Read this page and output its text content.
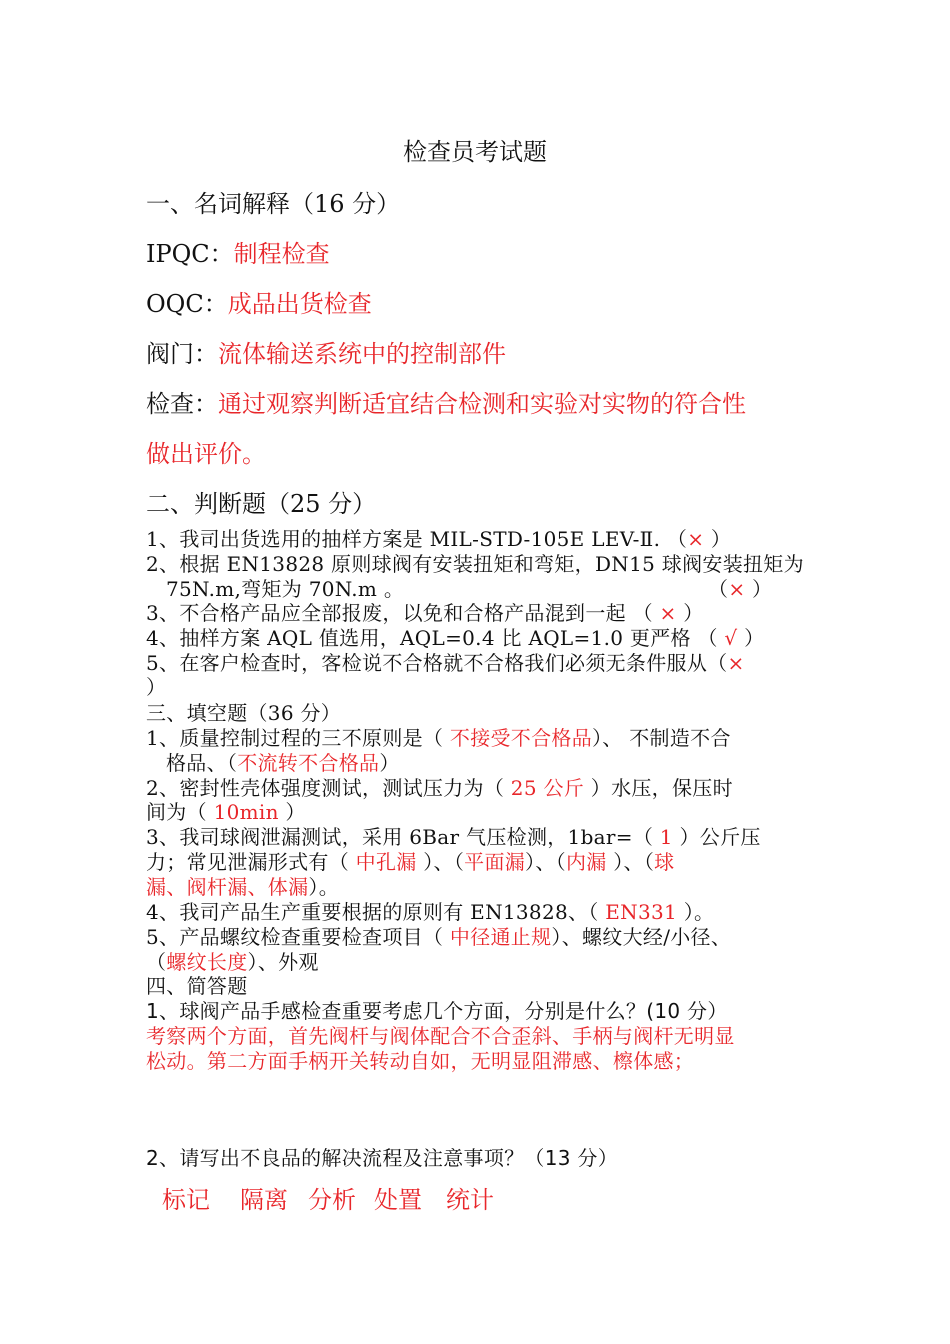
检查员考试题
一、名词解释（16 分）
IPQC：制程检查
OQC：成品出货检查
阀门：流体输送系统中的控制部件
检查：通过观察判断适宜结合检测和实验对实物的符合性
做出评价。
二、判断题（25 分）
1、我司出货选用的抽样方案是 MIL-STD-105E LEV-Ⅱ. （× ）
2、根据 EN13828 原则球阀有安装扭矩和弯矩，DN15 球阀安装扭矩为
75N.m,弯矩为 70N.m 。	（× ）
3、不合格产品应全部报废，以免和合格产品混到一起 （ × ）
4、抽样方案 AQL 值选用，AQL=0.4 比 AQL=1.0 更严格 （ √ ）
5、在客户检查时，客检说不合格就不合格我们必须无条件服从（×
）
三、填空题（36 分）
1、质量控制过程的三不原则是（ 不接受不合格品）、 不制造不合
格品、（不流转不合格品）
2、密封性壳体强度测试，测试压力为（ 25 公斤 ）水压，保压时
间为（ 10min ）
3、我司球阀泄漏测试，采用 6Bar 气压检测，1bar=（ 1 ）公斤压
力；常见泄漏形式有（ 中孔漏 ）、（平面漏）、（内漏 ）、（球
漏、阀杆漏、体漏）。
4、我司产品生产重要根据的原则有 EN13828、（ EN331 ）。
5、产品螺纹检查重要检查项目（ 中径通止规）、螺纹大经/小径、
（螺纹长度）、外观
四、简答题
1、球阀产品手感检查重要考虑几个方面，分别是什么？(10 分）
考察两个方面，首先阀杆与阀体配合不合歪斜、手柄与阀杆无明显
松动。第二方面手柄开关转动自如，无明显阻滞感、檫体感；
2、请写出不良品的解决流程及注意事项？（13 分）
标记 隔离 分析 处置 统计
